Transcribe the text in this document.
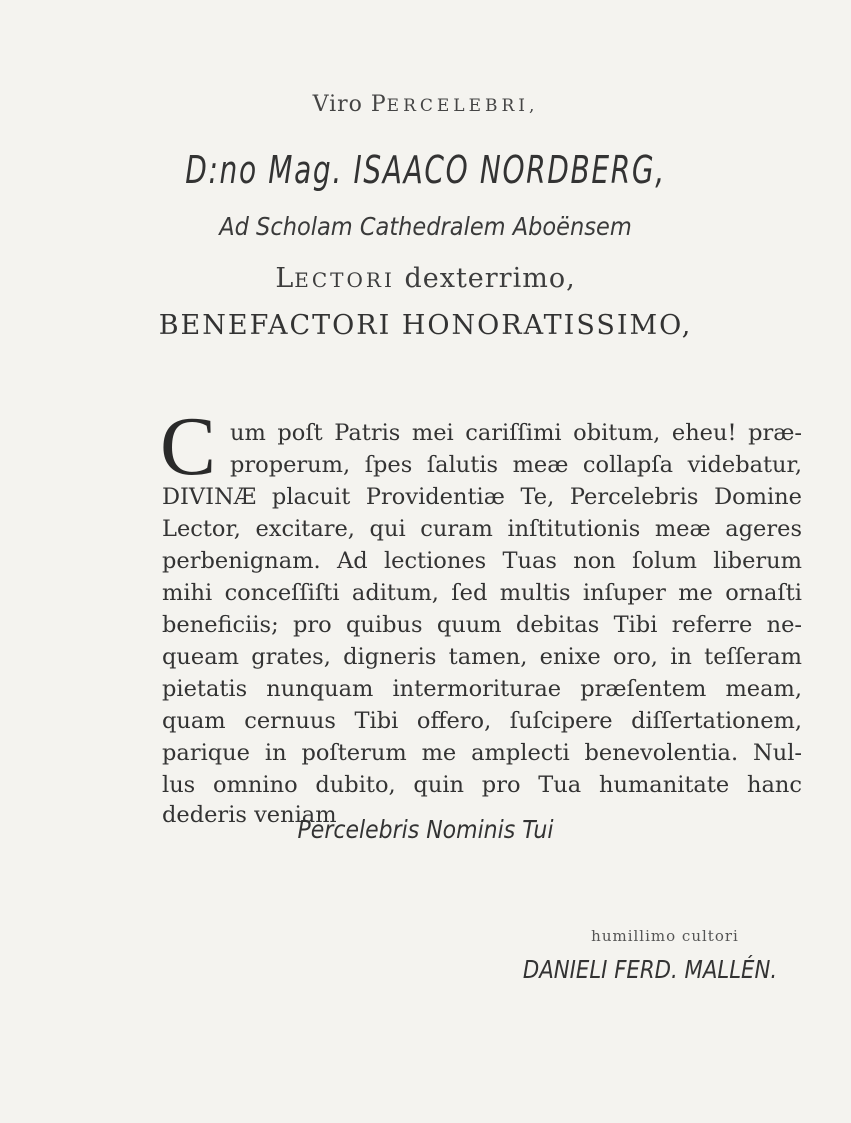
Viro PERCELEBRI,
D:no Mag. ISAACO NORDBERG,
Ad Scholam Cathedralem Aboënsem
LECTORI dexterrimo,
BENEFACTORI HONORATISSIMO,
C um poſt Patris mei cariſſimi obitum, eheu! præ-
properum, ſpes ſalutis meæ collapſa videbatur,
DIVINÆ placuit Providentiæ Te, Percelebris Domine
Lector, excitare, qui curam inſtitutionis meæ ageres
perbenignam. Ad lectiones Tuas non ſolum liberum
mihi conceſſiſti aditum, ſed multis inſuper me ornaſti
beneficiis; pro quibus quum debitas Tibi referre ne-
queam grates, digneris tamen, enixe oro, in teſſeram
pietatis nunquam intermoriturae præſentem meam,
quam cernuus Tibi offero, ſuſcipere diſſertationem,
parique in poſterum me amplecti benevolentia. Nul-
lus omnino dubito, quin pro Tua humanitate hanc
dederis veniam
Percelebris Nominis Tui
humillimo cultori
DANIELI FERD. MALLÉN.
